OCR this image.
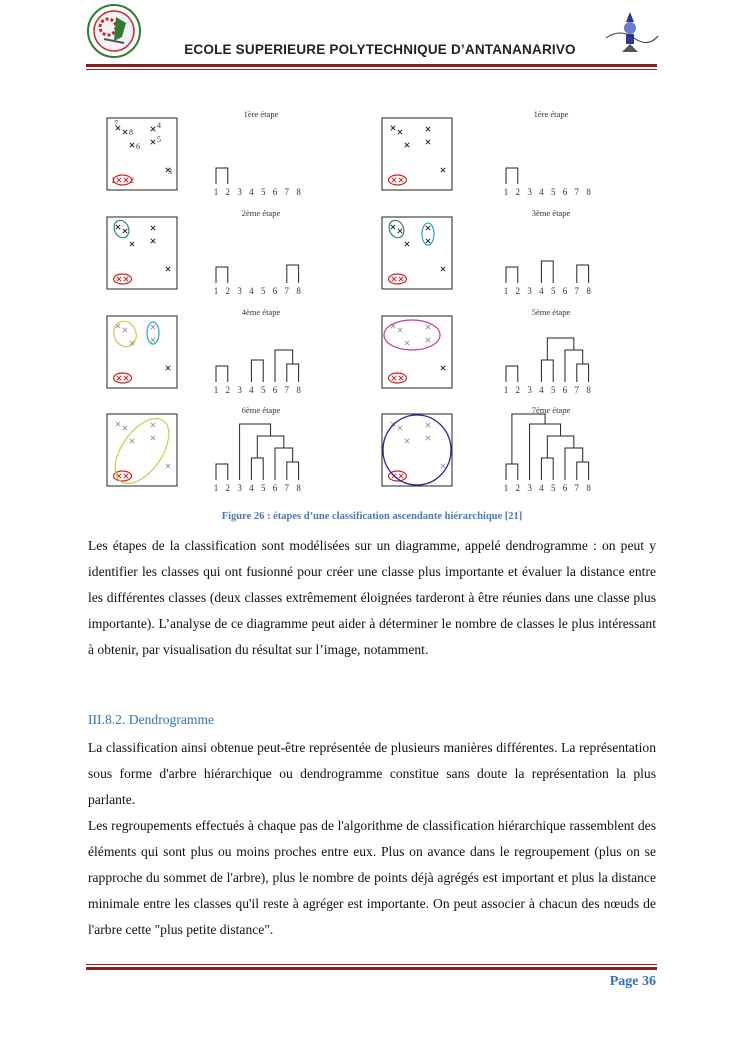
ECOLE SUPERIEURE POLYTECHNIQUE D’ANTANANARIVO
7
8
4
5
6
3
1 2
1 2 3 4 5 6 7 8
1ère étape
1 2 3 4 5 6 7 8
1ère étape
1 2 3 4 5 6 7 8
2ème étape
1 2 3 4 5 6 7 8
3ème étape
1 2 3 4 5 6 7 8
4ème étape
1 2 3 4 5 6 7 8
5ème étape
1 2 3 4 5 6 7 8
6ème étape
1 2 3 4 5 6 7 8
7ème étape
Figure 26 : étapes d’une classification ascendante hiérarchique [21]

Les étapes de la classification sont modélisées sur un diagramme, appelé dendrogramme : on peut y identifier les classes qui ont fusionné pour créer une classe plus importante et évaluer la distance entre les différentes classes (deux classes extrêmement éloignées tarderont à être réunies dans une classe plus importante). L’analyse de ce diagramme peut aider à déterminer le nombre de classes le plus intéressant à obtenir, par visualisation du résultat sur l’image, notamment.

III.8.2. Dendrogramme

La classification ainsi obtenue peut-être représentée de plusieurs manières différentes. La représentation sous forme d'arbre hiérarchique ou dendrogramme constitue sans doute la représentation la plus parlante.

Les regroupements effectués à chaque pas de l'algorithme de classification hiérarchique rassemblent des éléments qui sont plus ou moins proches entre eux. Plus on avance dans le regroupement (plus on se rapproche du sommet de l'arbre), plus le nombre de points déjà agrégés est important et plus la distance minimale entre les classes qu'il reste à agréger est importante. On peut associer à chacun des nœuds de l'arbre cette "plus petite distance".

Page 36
